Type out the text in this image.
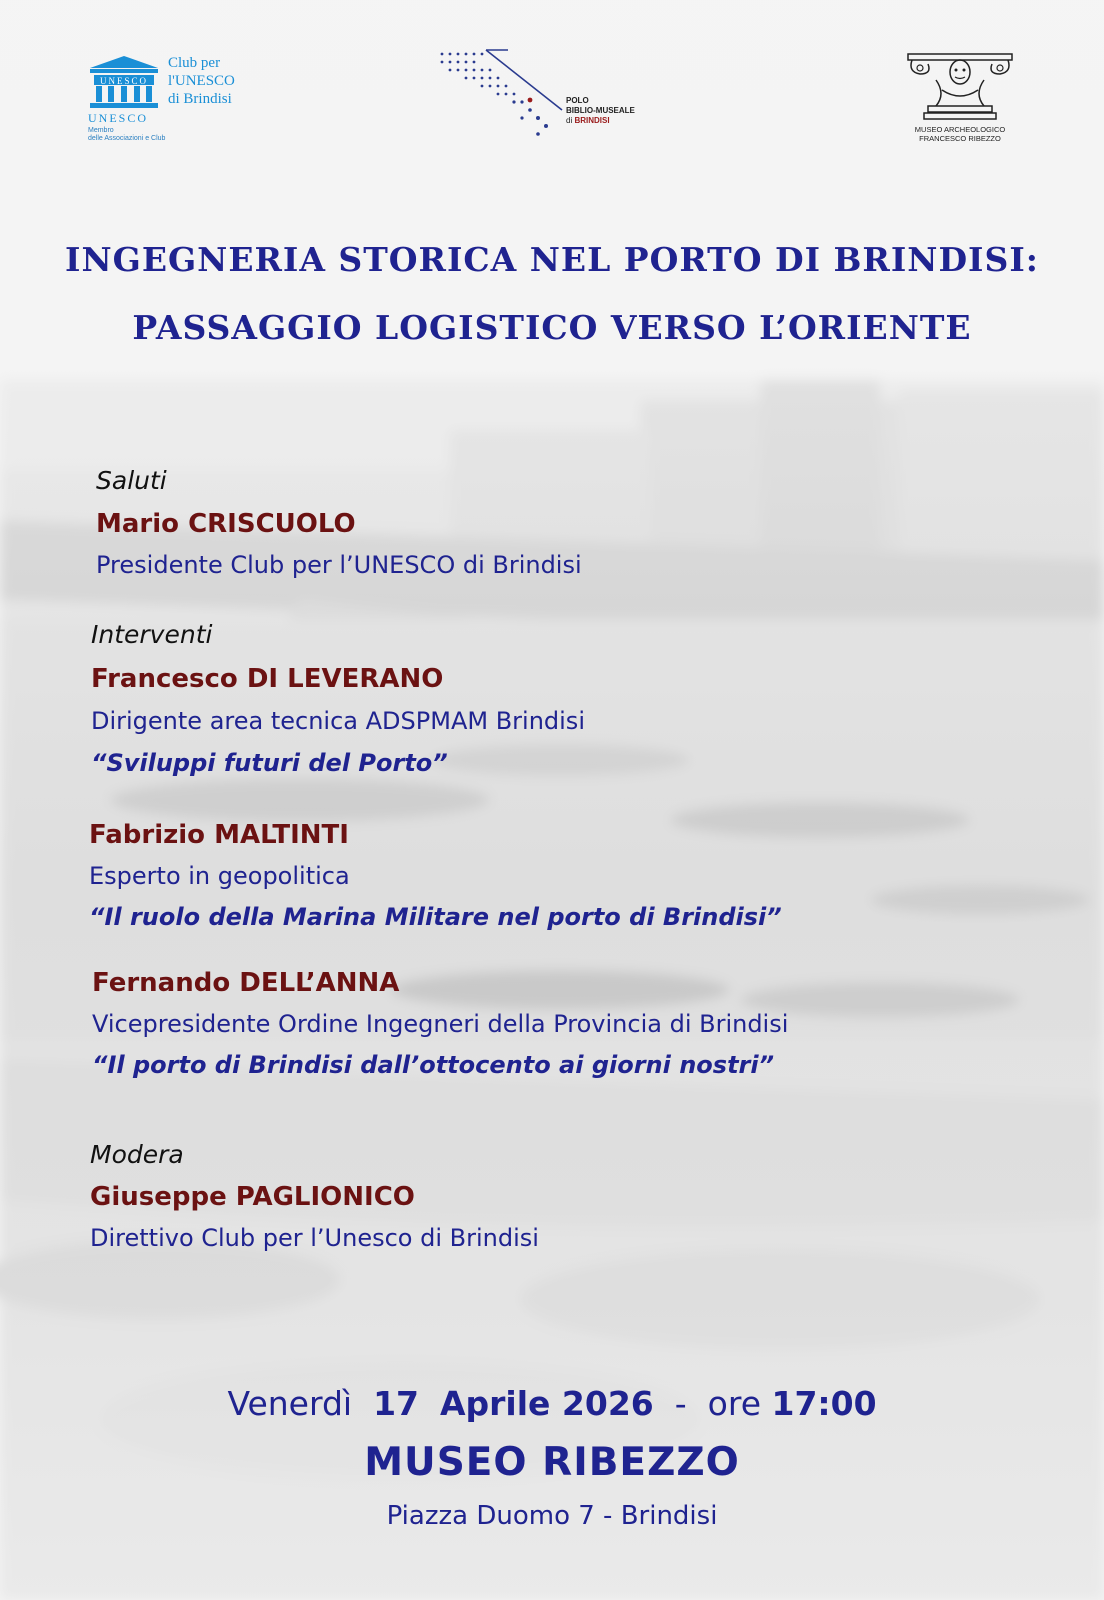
UNESCO
UNESCO
Membro
delle Associazioni e Club
Club per
l'UNESCO
di Brindisi	POLO
BIBLIO-MUSEALE
di BRINDISI
MUSEO ARCHEOLOGICO
FRANCESCO RIBEZZO
INGEGNERIA STORICA NEL PORTO DI BRINDISI:
PASSAGGIO LOGISTICO VERSO L’ORIENTE
Saluti
Mario CRISCUOLO
Presidente Club per l’UNESCO di Brindisi
Interventi
Francesco DI LEVERANO
Dirigente area tecnica ADSPMAM Brindisi
“Sviluppi futuri del Porto”
Fabrizio MALTINTI
Esperto in geopolitica
“Il ruolo della Marina Militare nel porto di Brindisi”
Fernando DELL’ANNA
Vicepresidente Ordine Ingegneri della Provincia di Brindisi
“Il porto di Brindisi dall’ottocento ai giorni nostri”
Modera
Giuseppe PAGLIONICO
Direttivo Club per l’Unesco di Brindisi
Venerdì 17 Aprile 2026 - ore 17:00
MUSEO RIBEZZO
Piazza Duomo 7 - Brindisi
